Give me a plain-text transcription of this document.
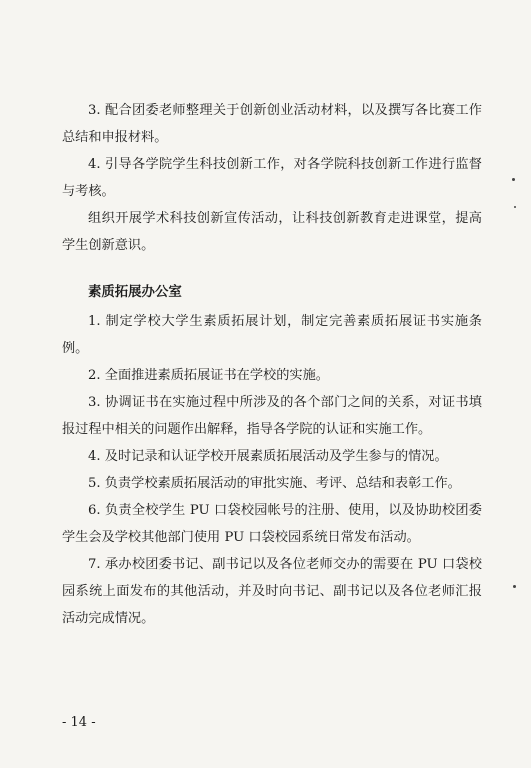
3. 配合团委老师整理关于创新创业活动材料，以及撰写各比赛工作总结和申报材料。

4. 引导各学院学生科技创新工作，对各学院科技创新工作进行监督与考核。

组织开展学术科技创新宣传活动，让科技创新教育走进课堂，提高学生创新意识。

素质拓展办公室

1. 制定学校大学生素质拓展计划，制定完善素质拓展证书实施条例。

2. 全面推进素质拓展证书在学校的实施。

3. 协调证书在实施过程中所涉及的各个部门之间的关系，对证书填报过程中相关的问题作出解释，指导各学院的认证和实施工作。

4. 及时记录和认证学校开展素质拓展活动及学生参与的情况。

5. 负责学校素质拓展活动的审批实施、考评、总结和表彰工作。

6. 负责全校学生 PU 口袋校园帐号的注册、使用，以及协助校团委学生会及学校其他部门使用 PU 口袋校园系统日常发布活动。

7. 承办校团委书记、副书记以及各位老师交办的需要在 PU 口袋校园系统上面发布的其他活动，并及时向书记、副书记以及各位老师汇报活动完成情况。

- 14 -
